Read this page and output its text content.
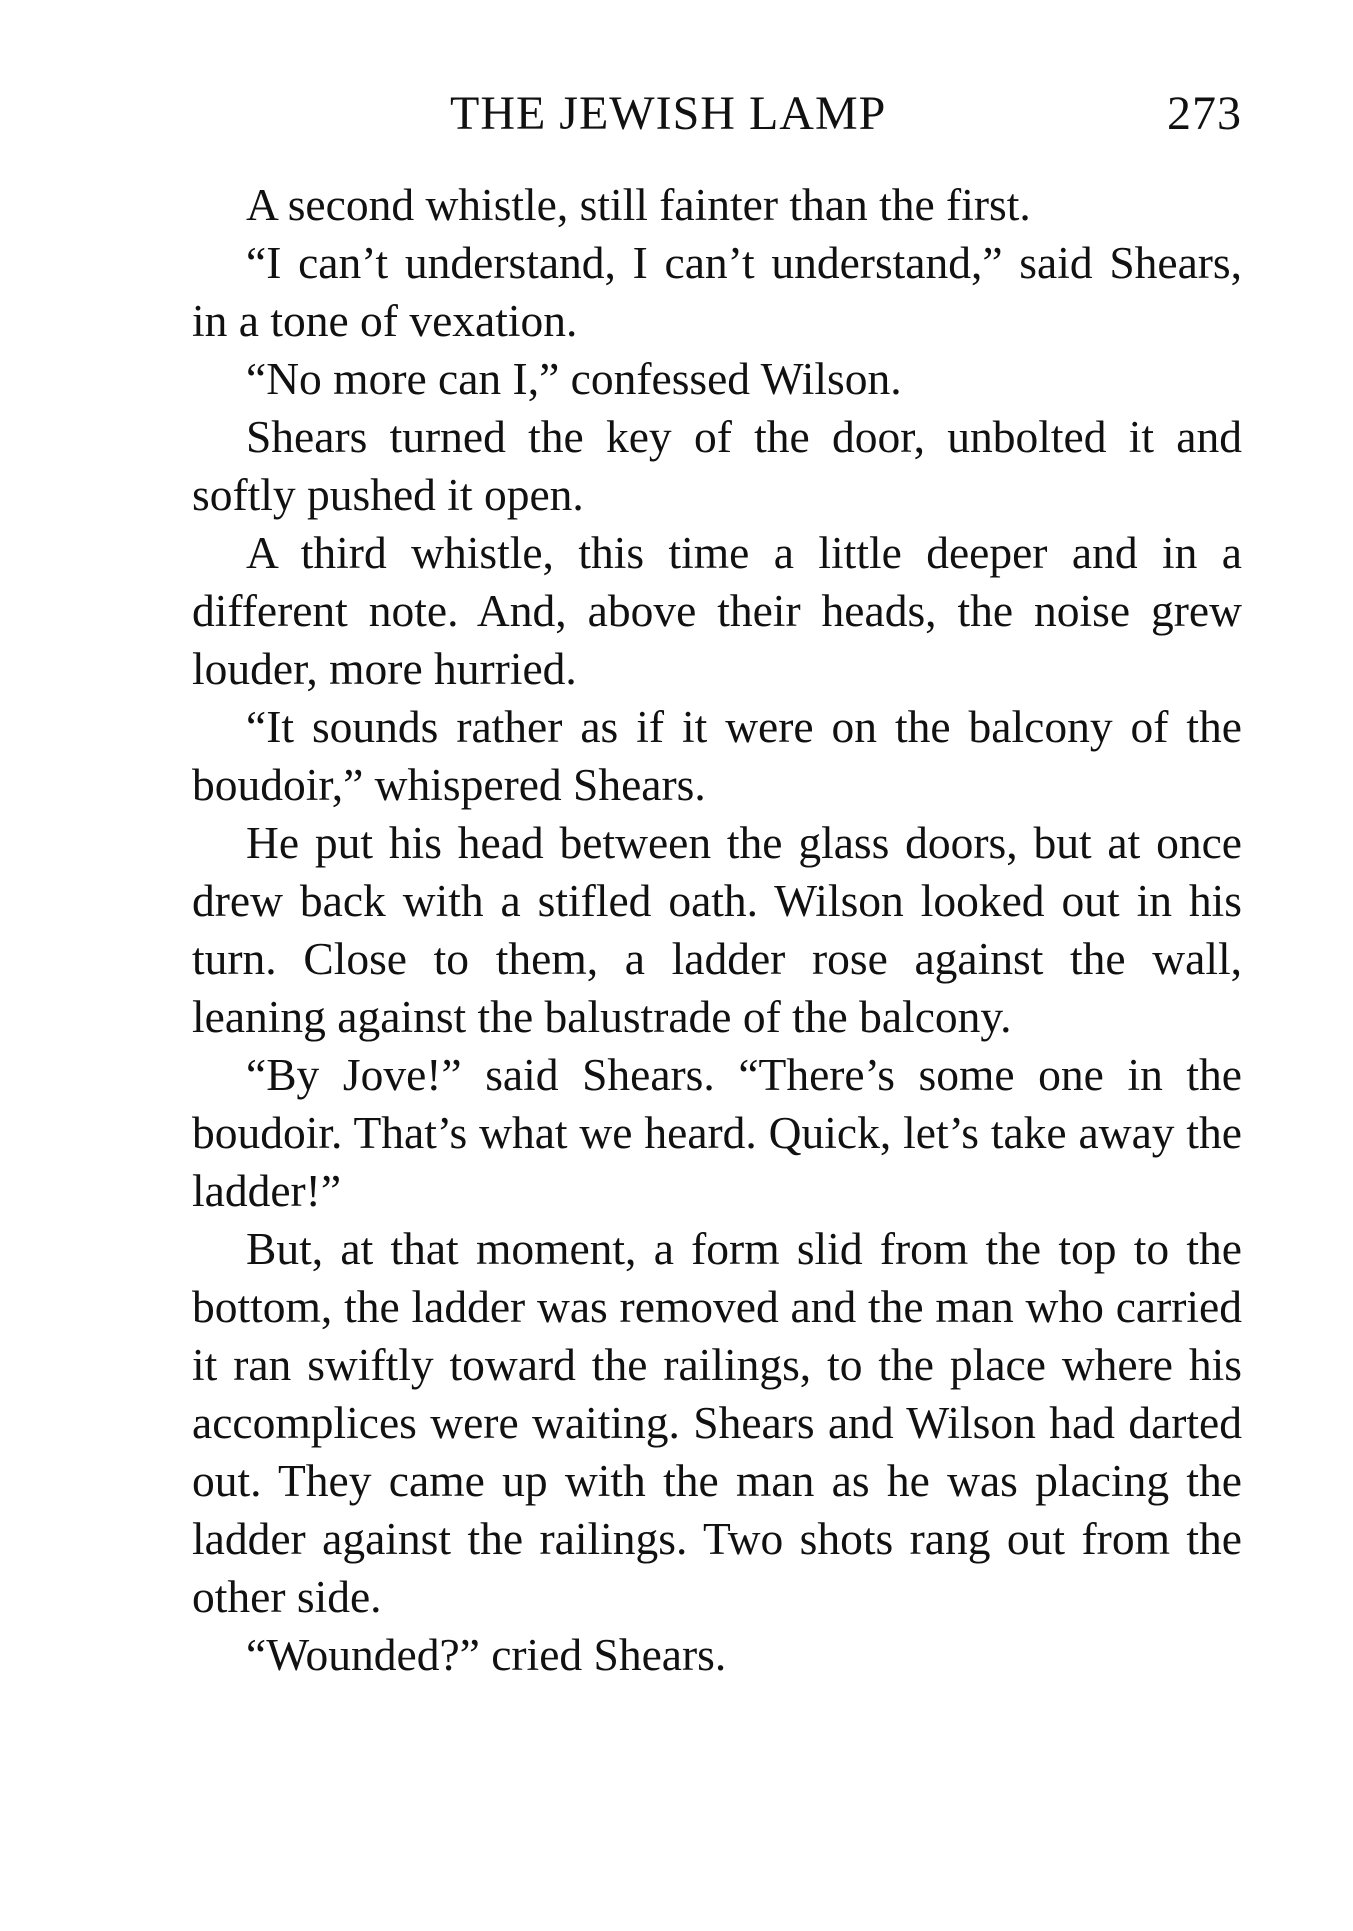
THE JEWISH LAMP	273

A second whistle, still fainter than the first.

“I can’t understand, I can’t understand,” said Shears, in a tone of vexation.

“No more can I,” confessed Wilson.

Shears turned the key of the door, unbolted it and softly pushed it open.

A third whistle, this time a little deeper and in a different note. And, above their heads, the noise grew louder, more hurried.

“It sounds rather as if it were on the balcony of the boudoir,” whispered Shears.

He put his head between the glass doors, but at once drew back with a stifled oath. Wilson looked out in his turn. Close to them, a ladder rose against the wall, leaning against the balustrade of the balcony.

“By Jove!” said Shears. “There’s some one in the boudoir. That’s what we heard. Quick, let’s take away the ladder!”

But, at that moment, a form slid from the top to the bottom, the ladder was removed and the man who carried it ran swiftly toward the railings, to the place where his accomplices were waiting. Shears and Wilson had darted out. They came up with the man as he was placing the ladder against the railings. Two shots rang out from the other side.

“Wounded?” cried Shears.
